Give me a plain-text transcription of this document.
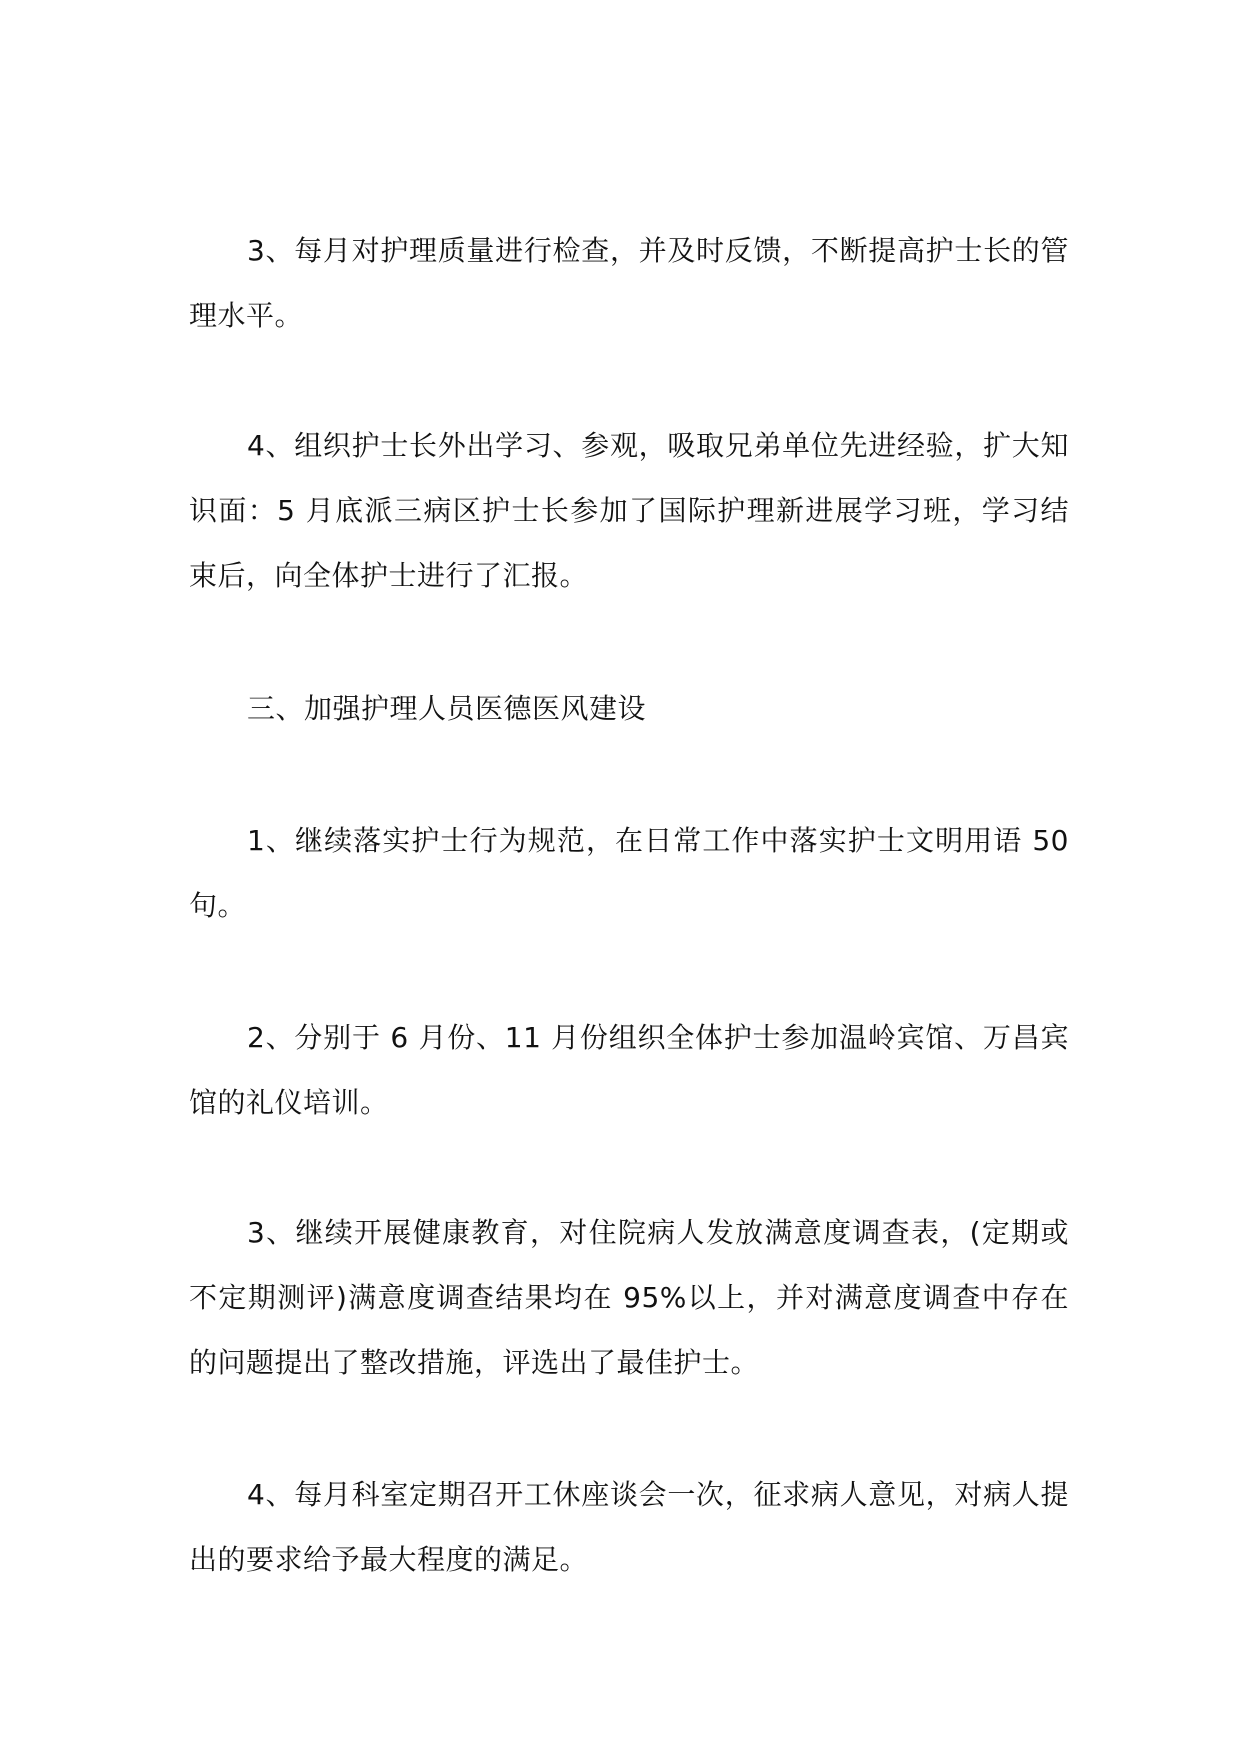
3、每月对护理质量进行检查，并及时反馈，不断提高护士长的管理水平。

4、组织护士长外出学习、参观，吸取兄弟单位先进经验，扩大知识面：5 月底派三病区护士长参加了国际护理新进展学习班，学习结束后，向全体护士进行了汇报。

三、加强护理人员医德医风建设

1、继续落实护士行为规范，在日常工作中落实护士文明用语 50 句。

2、分别于 6 月份、11 月份组织全体护士参加温岭宾馆、万昌宾馆的礼仪培训。

3、继续开展健康教育，对住院病人发放满意度调查表，(定期或不定期测评)满意度调查结果均在 95%以上，并对满意度调查中存在的问题提出了整改措施，评选出了最佳护士。

4、每月科室定期召开工休座谈会一次，征求病人意见，对病人提出的要求给予最大程度的满足。
